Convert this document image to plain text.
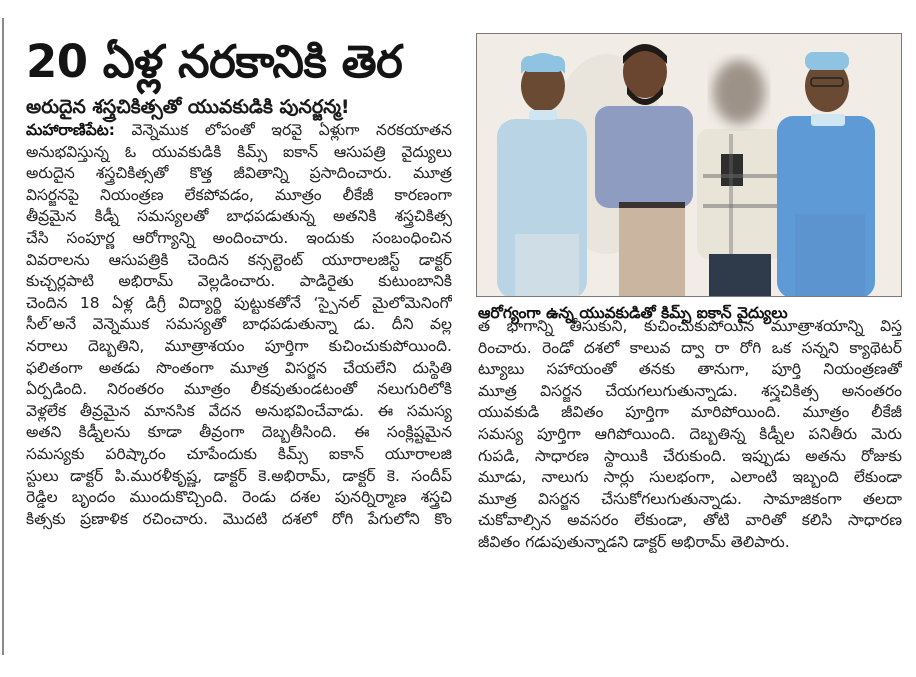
20 ఏళ్ల నరకానికి తెర
అరుదైన శస్త్రచికిత్సతో యువకుడికి పునర్జన్మ!
మహారాణిపేట: వెన్నెముక లోపంతో ఇరవై ఏళ్లుగా నరకయాతన
అనుభవిస్తున్న ఓ యువకుడికి కిమ్స్ ఐకాన్ ఆసుపత్రి వైద్యులు
అరుదైన శస్త్రచికిత్సతో కొత్త జీవితాన్ని ప్రసాదించారు. మూత్ర
విసర్జనపై నియంత్రణ లేకపోవడం, మూత్రం లీకేజీ కారణంగా
తీవ్రమైన కిడ్నీ సమస్యలతో బాధపడుతున్న అతనికి శస్త్రచికిత్స
చేసి సంపూర్ణ ఆరోగ్యాన్ని అందించారు. ఇందుకు సంబంధించిన
వివరాలను ఆసుపత్రికి చెందిన కన్సల్టెంట్ యూరాలజిస్ట్ డాక్టర్
కుచ్చర్లపాటి అభిరామ్ వెల్లడించారు. పాడిరైతు కుటుంబానికి
చెందిన 18 ఏళ్ల డిగ్రీ విద్యార్థి పుట్టుకతోనే ‘స్పైనల్ మైలోమెనింగో
సీల్’అనే వెన్నెముక సమస్యతో బాధపడుతున్నా డు. దీని వల్ల
నరాలు దెబ్బతిని, మూత్రాశయం పూర్తిగా కుచించుకుపోయింది.
ఫలితంగా అతడు సొంతంగా మూత్ర విసర్జన చేయలేని దుస్థితి
ఏర్పడింది. నిరంతరం మూత్రం లీకవుతుండటంతో నలుగురిలోకి
వెళ్లలేక తీవ్రమైన మానసిక వేదన అనుభవించేవాడు. ఈ సమస్య
అతని కిడ్నీలను కూడా తీవ్రంగా దెబ్బతీసింది. ఈ సంక్లిష్టమైన
సమస్యకు పరిష్కారం చూపేందుకు కిమ్స్ ఐకాన్ యూరాలజి
స్టులు డాక్టర్ పి.మురళీకృష్ణ, డాక్టర్ కె.అభిరామ్, డాక్టర్ కె. సందీప్
రెడ్డిల బృందం ముందుకొచ్చింది. రెండు దశల పునర్నిర్మాణ శస్త్రచి
కిత్సకు ప్రణాళిక రచించారు. మొదటి దశలో రోగి పేగులోని కొం

ఆరోగ్యంగా ఉన్న యువకుడితో కిమ్స్ ఐకాన్ వైద్యులు

త భాగాన్ని తీసుకుని, కుచించుకుపోయిన మూత్రాశయాన్ని విస్త
రించారు. రెండో దశలో కాలువ ద్వా రా రోగి ఒక సన్నని క్యాథెటర్
ట్యూబు సహాయంతో తనకు తానుగా, పూర్తి నియంత్రణతో
మూత్ర విసర్జన చేయగలుగుతున్నాడు. శస్త్రచికిత్స అనంతరం
యువకుడి జీవితం పూర్తిగా మారిపోయింది. మూత్రం లీకేజీ
సమస్య పూర్తిగా ఆగిపోయింది. దెబ్బతిన్న కిడ్నీల పనితీరు మెరు
గుపడి, సాధారణ స్థాయికి చేరుకుంది. ఇప్పుడు అతను రోజుకు
మూడు, నాలుగు సార్లు సులభంగా, ఎలాంటి ఇబ్బంది లేకుండా
మూత్ర విసర్జన చేసుకోగలుగుతున్నాడు. సామాజికంగా తలదా
చుకోవాల్సిన అవసరం లేకుండా, తోటి వారితో కలిసి సాధారణ
జీవితం గడుపుతున్నాడని డాక్టర్ అభిరామ్ తెలిపారు.
